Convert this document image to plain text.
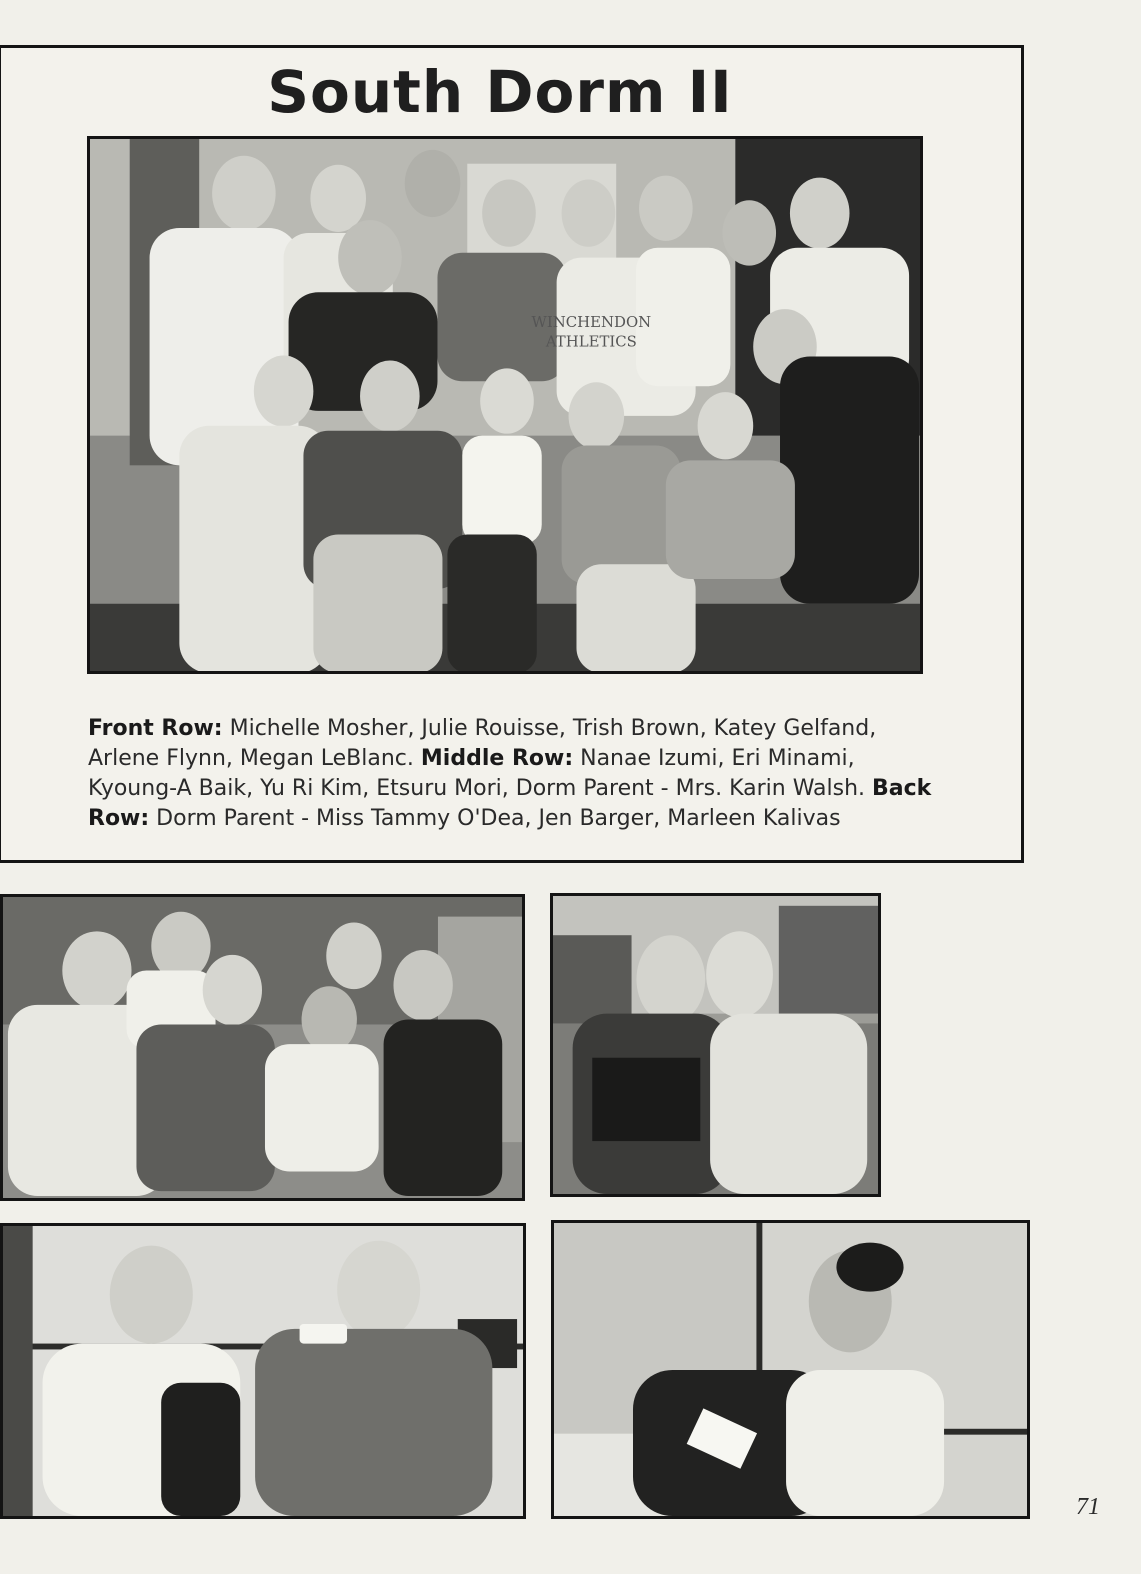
South Dorm II
WINCHENDON
ATHLETICS

Front Row: Michelle Mosher, Julie Rouisse, Trish Brown, Katey Gelfand, Arlene Flynn, Megan LeBlanc. Middle Row: Nanae Izumi, Eri Minami, Kyoung-A Baik, Yu Ri Kim, Etsuru Mori, Dorm Parent - Mrs. Karin Walsh. Back Row: Dorm Parent - Miss Tammy O'Dea, Jen Barger, Marleen Kalivas

71
